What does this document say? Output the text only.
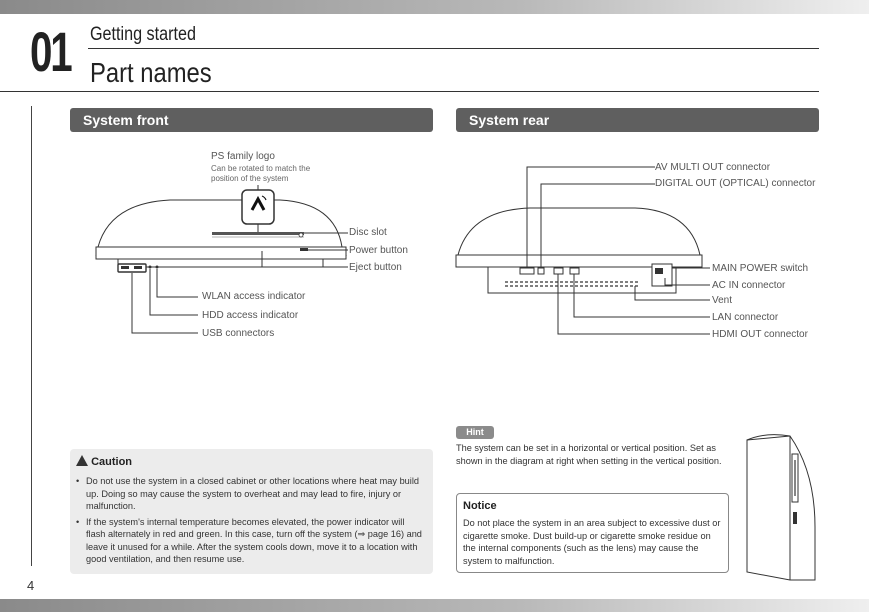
01 Getting started
Part names
System front	System rear
PS family logo
Can be rotated to match the position of the system
Disc slot
Power button
Eject button
WLAN access indicator
HDD access indicator
USB connectors
AV MULTI OUT connector
DIGITAL OUT (OPTICAL) connector
MAIN POWER switch
AC IN connector
Vent
LAN connector
HDMI OUT connector
Caution
• Do not use the system in a closed cabinet or other locations where heat may build up. Doing so may cause the system to overheat and may lead to fire, injury or malfunction.
• If the system's internal temperature becomes elevated, the power indicator will flash alternately in red and green. In this case, turn off the system (⇒ page 16) and leave it unused for a while. After the system cools down, move it to a location with good ventilation, and then resume use.
Hint
The system can be set in a horizontal or vertical position. Set as shown in the diagram at right when setting in the vertical position.
Notice
Do not place the system in an area subject to excessive dust or cigarette smoke. Dust build-up or cigarette smoke residue on the internal components (such as the lens) may cause the system to malfunction.
4
